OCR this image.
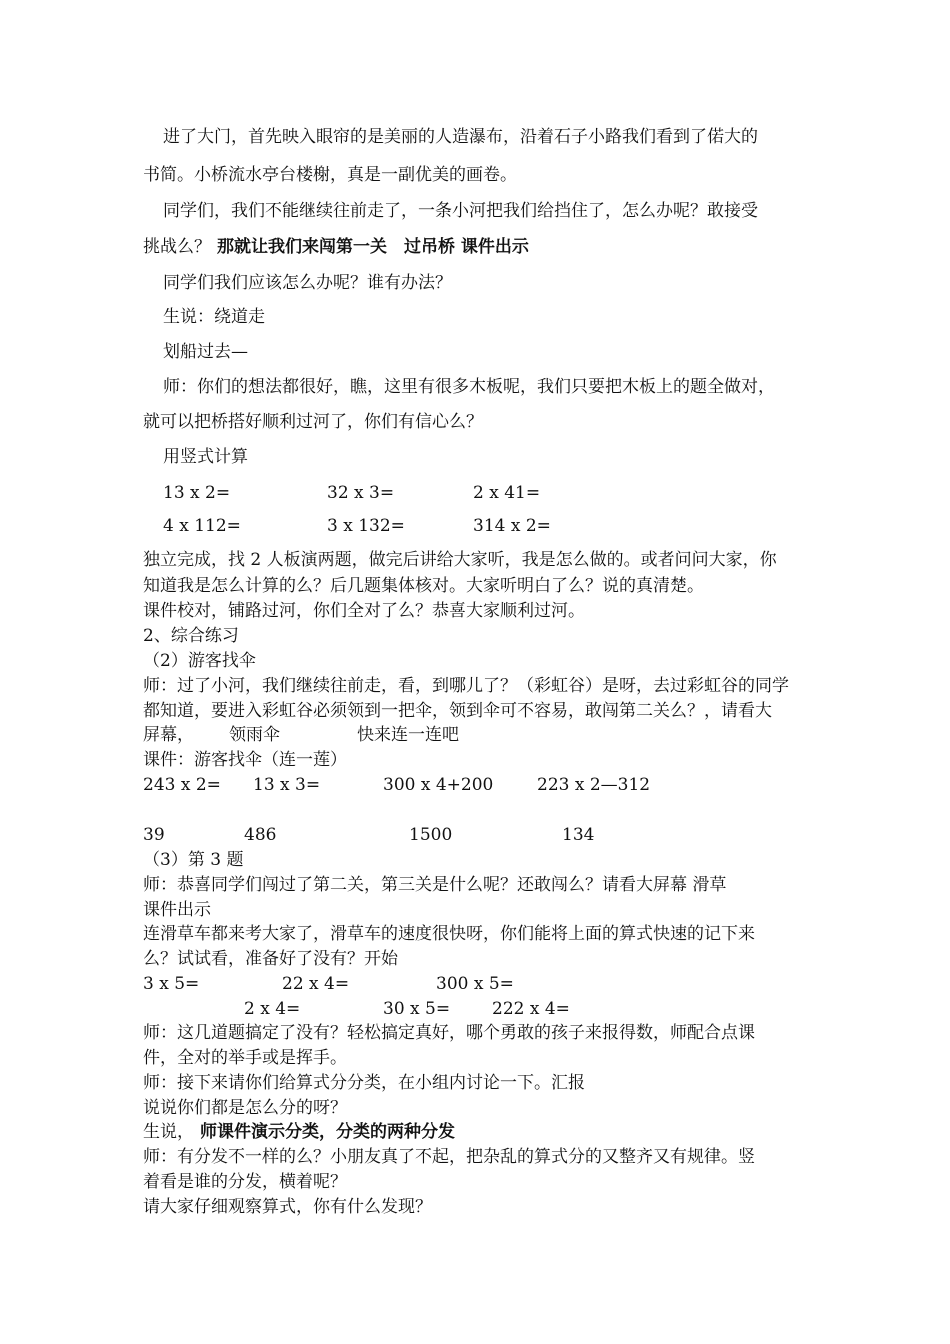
进了大门，首先映入眼帘的是美丽的人造瀑布，沿着石子小路我们看到了偌大的
书简。小桥流水亭台楼榭，真是一副优美的画卷。
同学们，我们不能继续往前走了，一条小河把我们给挡住了，怎么办呢？敢接受
挑战么？ 那就让我们来闯第一关　过吊桥 课件出示
同学们我们应该怎么办呢？谁有办法？
生说：绕道走
划船过去—
师：你们的想法都很好，瞧，这里有很多木板呢，我们只要把木板上的题全做对，
就可以把桥搭好顺利过河了，你们有信心么？
用竖式计算
13 x 2=	32 x 3=	2 x 41=
4 x 112=	3 x 132=	314 x 2=
独立完成，找 2 人板演两题，做完后讲给大家听，我是怎么做的。或者问问大家，你
知道我是怎么计算的么？后几题集体核对。大家听明白了么？说的真清楚。
课件校对，铺路过河，你们全对了么？恭喜大家顺利过河。
2、综合练习
（2）游客找伞
师：过了小河，我们继续往前走，看，到哪儿了？（彩虹谷）是呀，去过彩虹谷的同学
都知道，要进入彩虹谷必须领到一把伞，领到伞可不容易，敢闯第二关么？，请看大
屏幕， 领雨伞	快来连一连吧
课件：游客找伞（连一莲）
243 x 2= 13 x 3=	300 x 4+200	223 x 2—312
39	486	1500	134
（3）第 3 题
师：恭喜同学们闯过了第二关，第三关是什么呢？还敢闯么？请看大屏幕 滑草
课件出示
连滑草车都来考大家了，滑草车的速度很快呀，你们能将上面的算式快速的记下来
么？试试看，准备好了没有？开始
3 x 5=	22 x 4=	300 x 5=
2 x 4=	30 x 5= 222 x 4=
师：这几道题搞定了没有？轻松搞定真好，哪个勇敢的孩子来报得数，师配合点课
件，全对的举手或是挥手。
师：接下来请你们给算式分分类，在小组内讨论一下。汇报
说说你们都是怎么分的呀？
生说， 师课件演示分类，分类的两种分发
师：有分发不一样的么？小朋友真了不起，把杂乱的算式分的又整齐又有规律。竖
着看是谁的分发，横着呢？
请大家仔细观察算式，你有什么发现？
